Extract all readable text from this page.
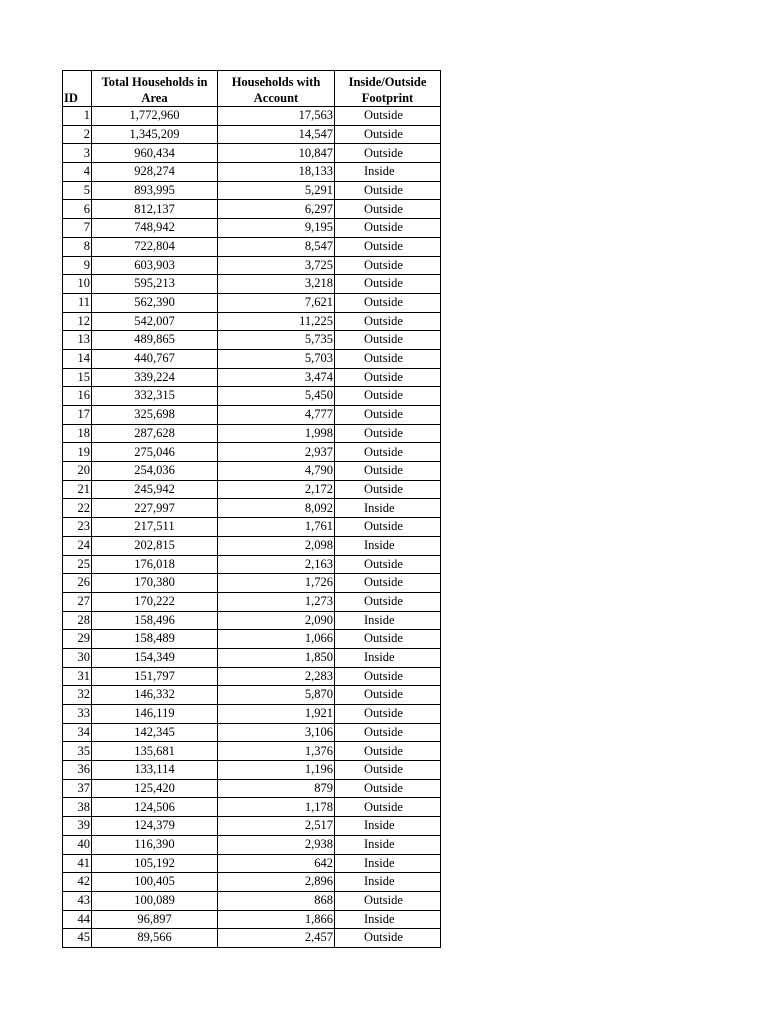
ID	Total Households in Area	Households with Account	Inside/Outside Footprint
1	1,772,960	17,563	Outside
2	1,345,209	14,547	Outside
3	960,434	10,847	Outside
4	928,274	18,133	Inside
5	893,995	5,291	Outside
6	812,137	6,297	Outside
7	748,942	9,195	Outside
8	722,804	8,547	Outside
9	603,903	3,725	Outside
10	595,213	3,218	Outside
11	562,390	7,621	Outside
12	542,007	11,225	Outside
13	489,865	5,735	Outside
14	440,767	5,703	Outside
15	339,224	3,474	Outside
16	332,315	5,450	Outside
17	325,698	4,777	Outside
18	287,628	1,998	Outside
19	275,046	2,937	Outside
20	254,036	4,790	Outside
21	245,942	2,172	Outside
22	227,997	8,092	Inside
23	217,511	1,761	Outside
24	202,815	2,098	Inside
25	176,018	2,163	Outside
26	170,380	1,726	Outside
27	170,222	1,273	Outside
28	158,496	2,090	Inside
29	158,489	1,066	Outside
30	154,349	1,850	Inside
31	151,797	2,283	Outside
32	146,332	5,870	Outside
33	146,119	1,921	Outside
34	142,345	3,106	Outside
35	135,681	1,376	Outside
36	133,114	1,196	Outside
37	125,420	879	Outside
38	124,506	1,178	Outside
39	124,379	2,517	Inside
40	116,390	2,938	Inside
41	105,192	642	Inside
42	100,405	2,896	Inside
43	100,089	868	Outside
44	96,897	1,866	Inside
45	89,566	2,457	Outside
